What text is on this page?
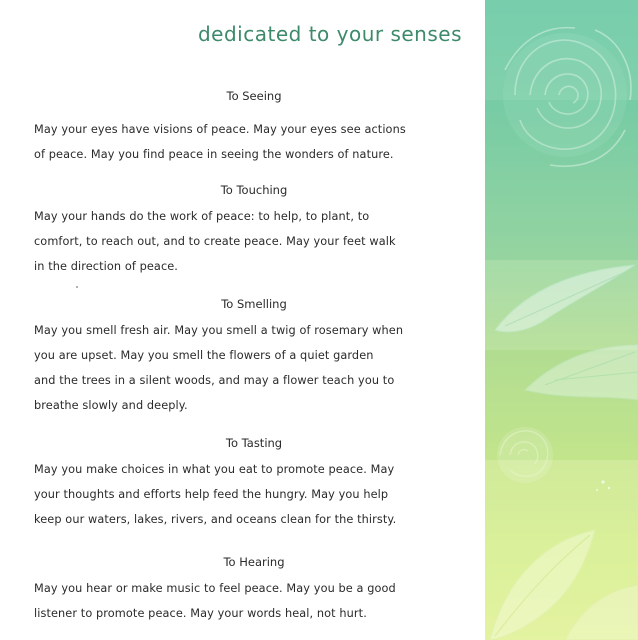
dedicated to your senses
To Seeing
May your eyes have visions of peace. May your eyes see actions
of peace. May you find peace in seeing the wonders of nature.
To Touching
May your hands do the work of peace: to help, to plant, to
comfort, to reach out, and to create peace. May your feet walk
in the direction of peace.
To Smelling
May you smell fresh air. May you smell a twig of rosemary when
you are upset. May you smell the flowers of a quiet garden
and the trees in a silent woods, and may a flower teach you to
breathe slowly and deeply.
To Tasting
May you make choices in what you eat to promote peace. May
your thoughts and efforts help feed the hungry. May you help
keep our waters, lakes, rivers, and oceans clean for the thirsty.
To Hearing
May you hear or make music to feel peace. May you be a good
listener to promote peace. May your words heal, not hurt.
